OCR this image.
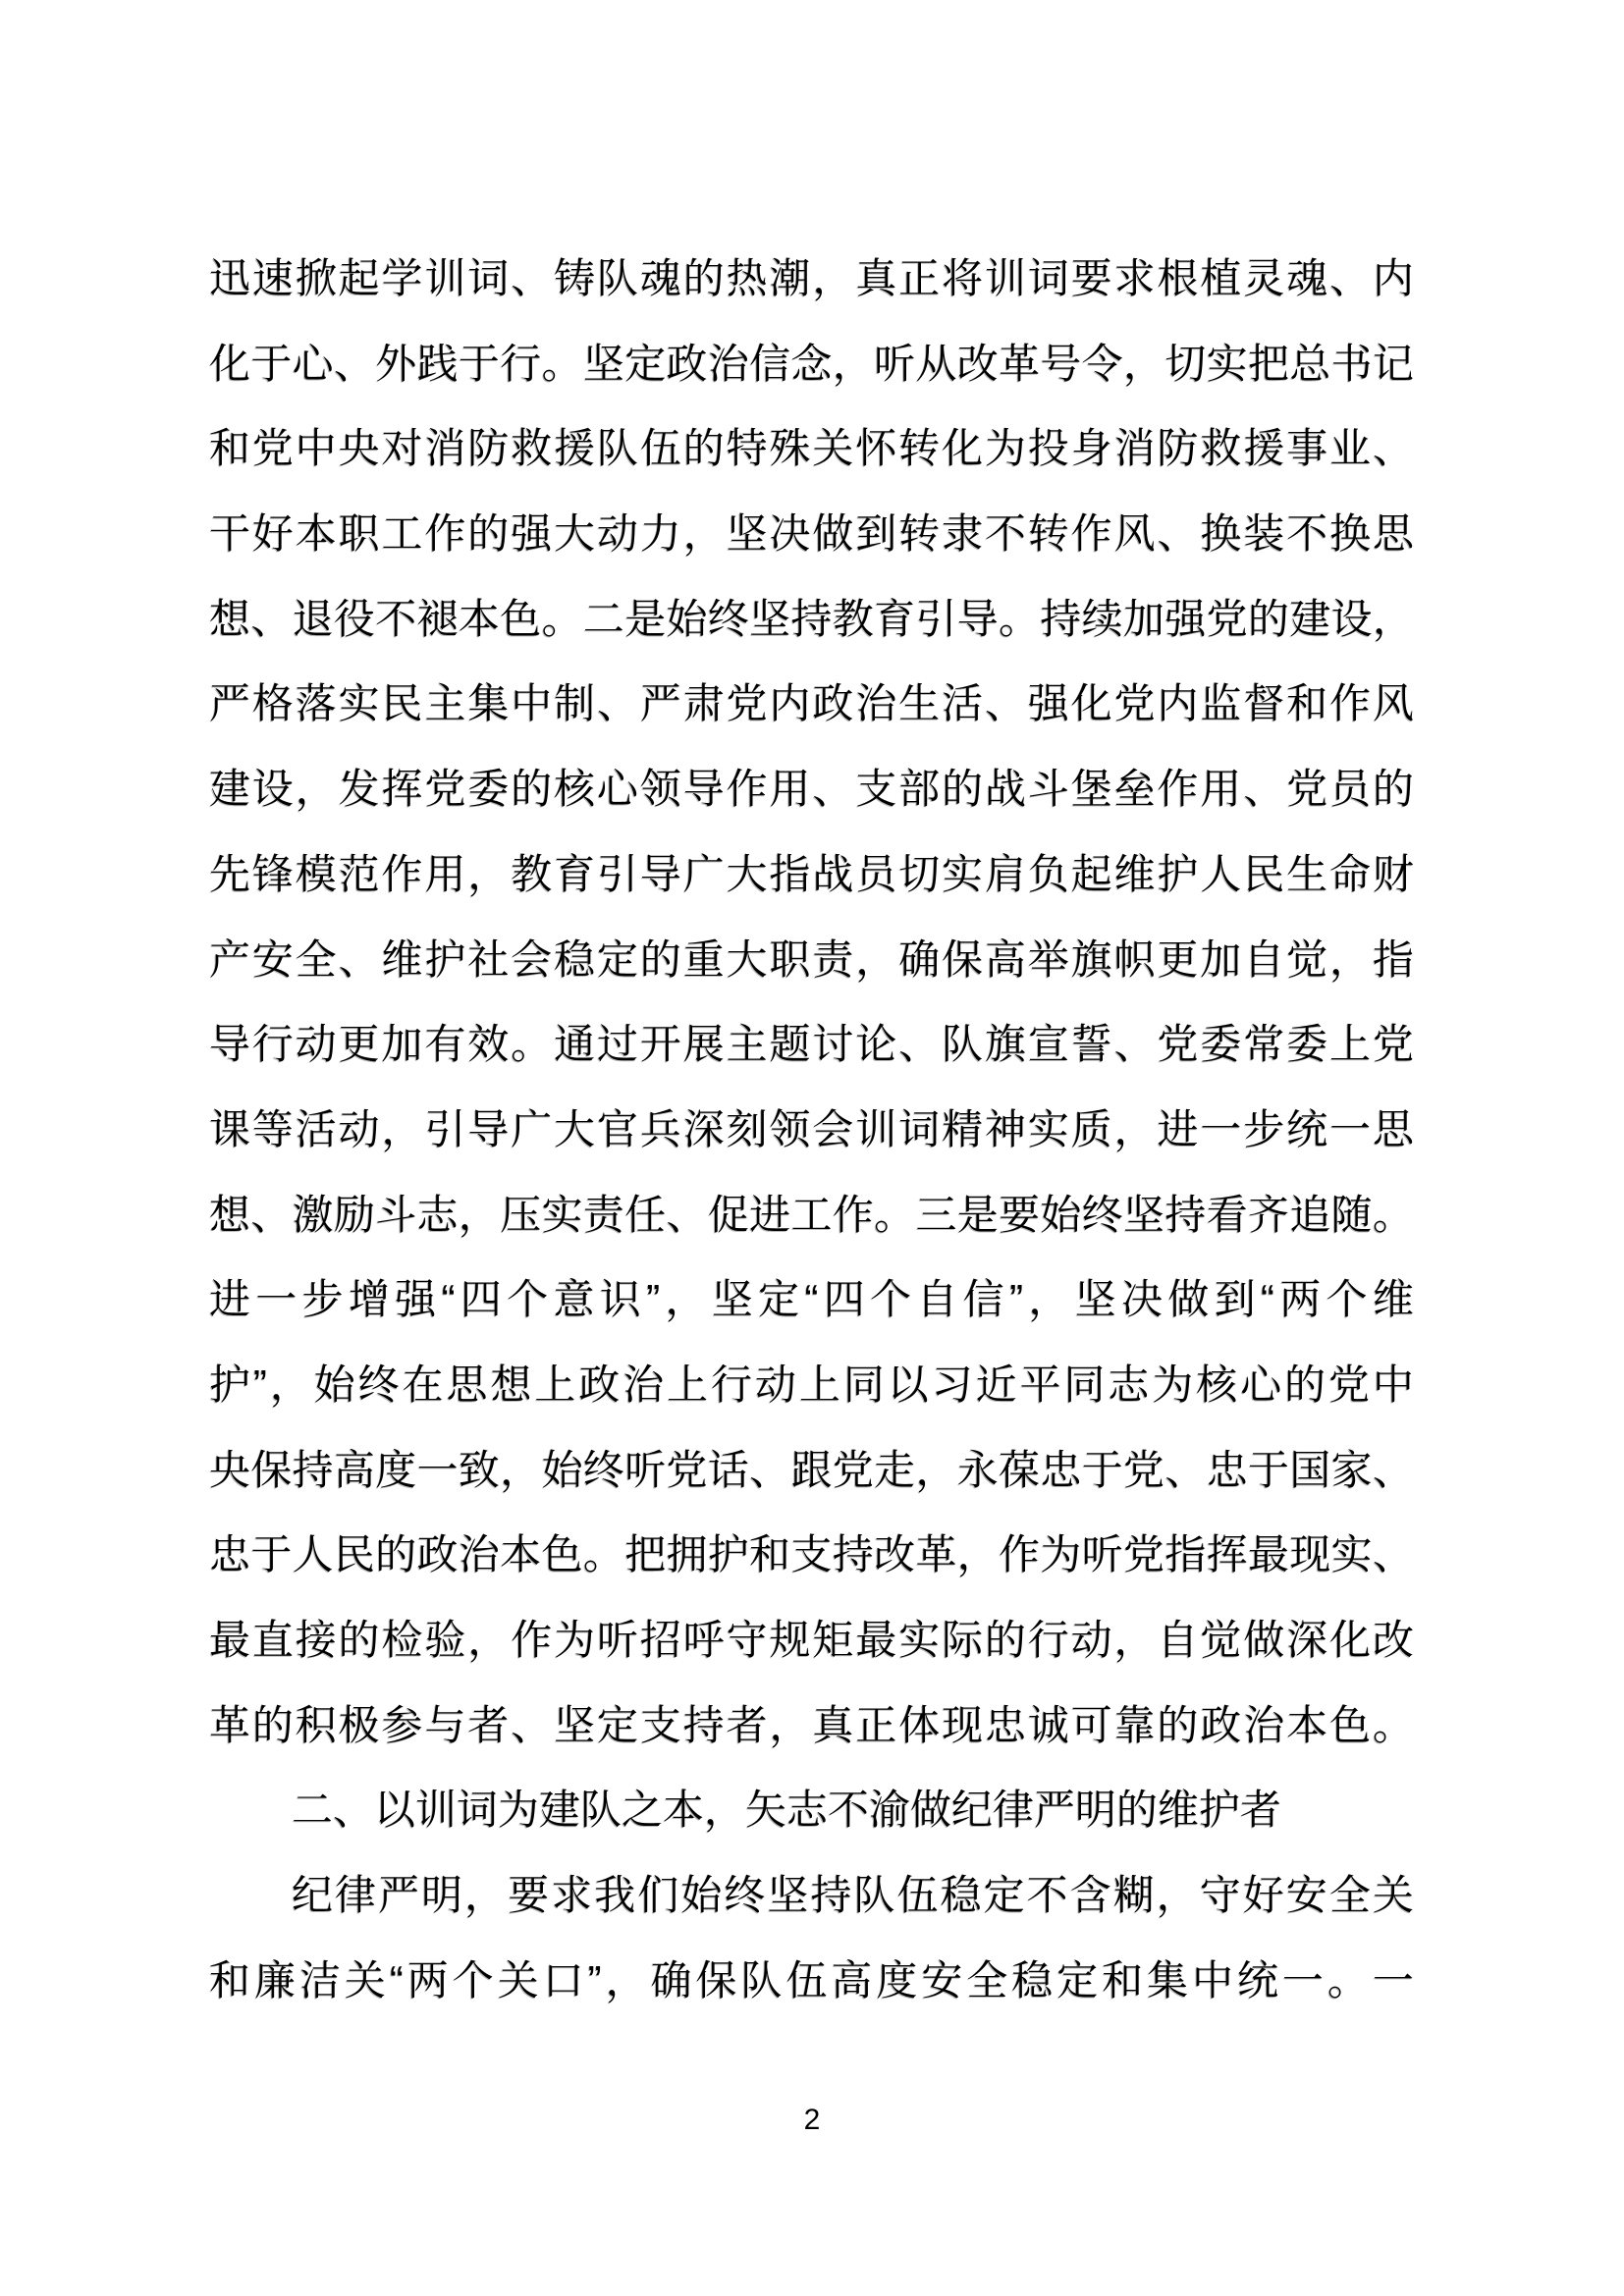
迅速掀起学训词、铸队魂的热潮，真正将训词要求根植灵魂、内
化于心、外践于行。坚定政治信念，听从改革号令，切实把总书记
和党中央对消防救援队伍的特殊关怀转化为投身消防救援事业、
干好本职工作的强大动力，坚决做到转隶不转作风、换装不换思
想、退役不褪本色。二是始终坚持教育引导。持续加强党的建设，
严格落实民主集中制、严肃党内政治生活、强化党内监督和作风
建设，发挥党委的核心领导作用、支部的战斗堡垒作用、党员的
先锋模范作用，教育引导广大指战员切实肩负起维护人民生命财
产安全、维护社会稳定的重大职责，确保高举旗帜更加自觉，指
导行动更加有效。通过开展主题讨论、队旗宣誓、党委常委上党
课等活动，引导广大官兵深刻领会训词精神实质，进一步统一思
想、激励斗志，压实责任、促进工作。三是要始终坚持看齐追随。
进一步增强“四个意识”，坚定“四个自信”，坚决做到“两个维
护”，始终在思想上政治上行动上同以习近平同志为核心的党中
央保持高度一致，始终听党话、跟党走，永葆忠于党、忠于国家、
忠于人民的政治本色。把拥护和支持改革，作为听党指挥最现实、
最直接的检验，作为听招呼守规矩最实际的行动，自觉做深化改
革的积极参与者、坚定支持者，真正体现忠诚可靠的政治本色。
二、以训词为建队之本，矢志不渝做纪律严明的维护者
纪律严明，要求我们始终坚持队伍稳定不含糊，守好安全关
和廉洁关“两个关口”，确保队伍高度安全稳定和集中统一。一
2
